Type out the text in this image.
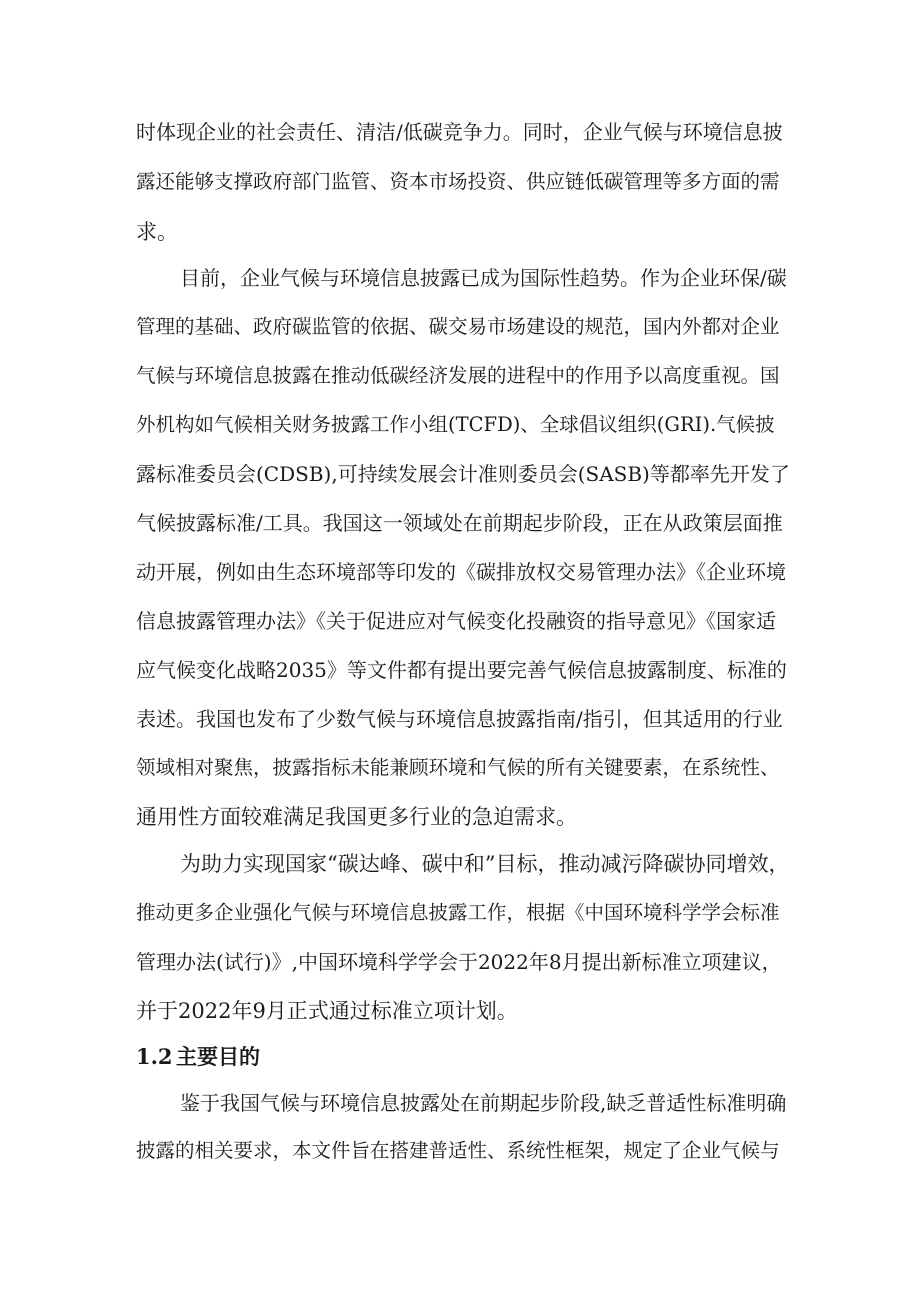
时体现企业的社会责任、清洁/低碳竞争力。同时，企业气候与环境信息披
露还能够支撑政府部门监管、资本市场投资、供应链低碳管理等多方面的需
求。
目前，企业气候与环境信息披露已成为国际性趋势。作为企业环保/碳
管理的基础、政府碳监管的依据、碳交易市场建设的规范，国内外都对企业
气候与环境信息披露在推动低碳经济发展的进程中的作用予以高度重视。国
外机构如气候相关财务披露工作小组(TCFD)、全球倡议组织(GRI).气候披
露标准委员会(CDSB),可持续发展会计准则委员会(SASB)等都率先开发了
气候披露标准/工具。我国这一领域处在前期起步阶段，正在从政策层面推
动开展，例如由生态环境部等印发的《碳排放权交易管理办法》《企业环境
信息披露管理办法》《关于促进应对气候变化投融资的指导意见》《国家适
应气候变化战略2035》等文件都有提出要完善气候信息披露制度、标准的
表述。我国也发布了少数气候与环境信息披露指南/指引，但其适用的行业
领域相对聚焦，披露指标未能兼顾环境和气候的所有关键要素，在系统性、
通用性方面较难满足我国更多行业的急迫需求。
为助力实现国家“碳达峰、碳中和”目标，推动减污降碳协同增效，
推动更多企业强化气候与环境信息披露工作，根据《中国环境科学学会标准
管理办法(试行)》,中国环境科学学会于2022年8月提出新标准立项建议，
并于2022年9月正式通过标准立项计划。
1.2 主要目的
鉴于我国气候与环境信息披露处在前期起步阶段,缺乏普适性标准明确
披露的相关要求，本文件旨在搭建普适性、系统性框架，规定了企业气候与
